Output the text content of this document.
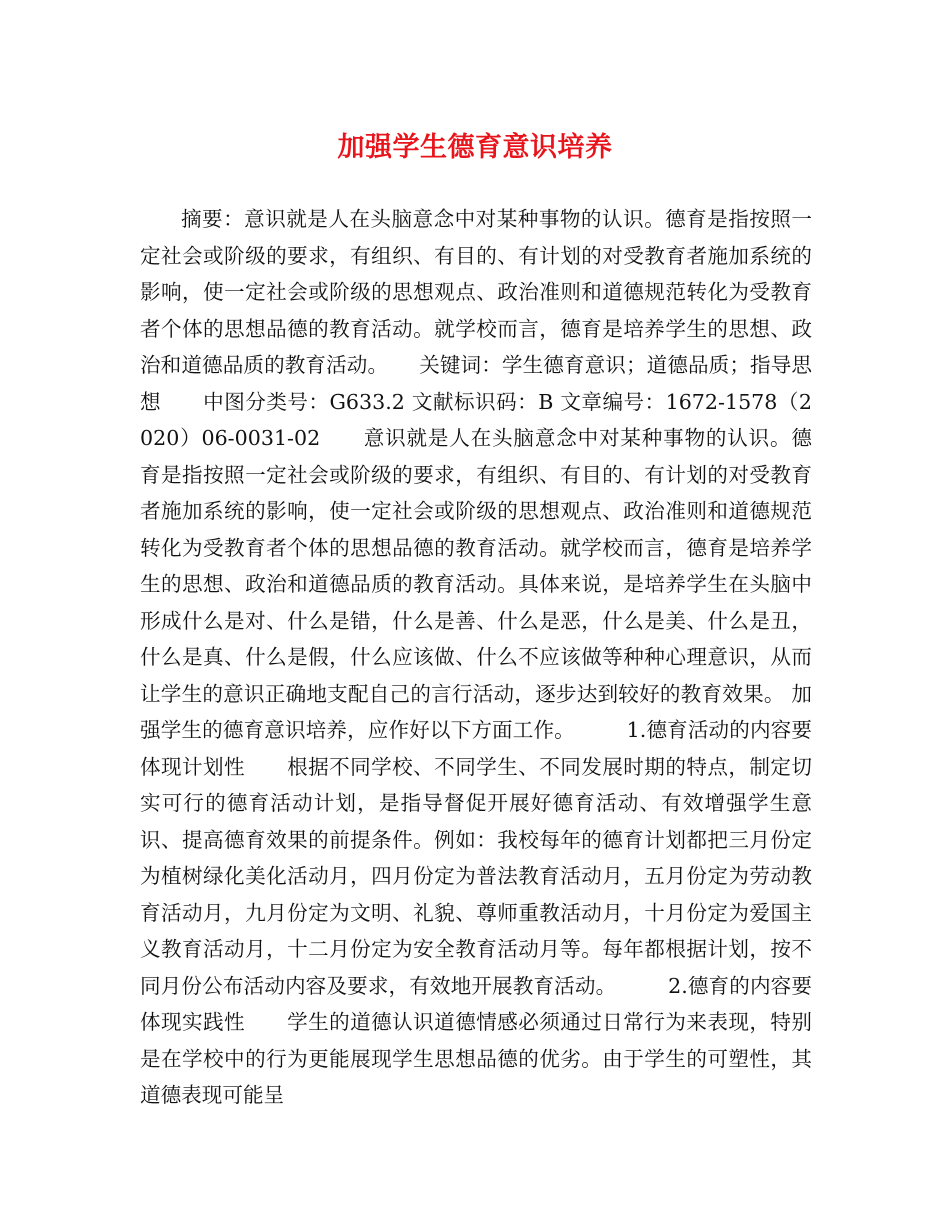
加强学生德育意识培养

摘要：意识就是人在头脑意念中对某种事物的认识。德育是指按照一定社会或阶级的要求，有组织、有目的、有计划的对受教育者施加系统的影响，使一定社会或阶级的思想观点、政治准则和道德规范转化为受教育者个体的思想品德的教育活动。就学校而言，德育是培养学生的思想、政治和道德品质的教育活动。　　关键词：学生德育意识；道德品质；指导思想　　中图分类号：G633.2 文献标识码：B 文章编号：1672-1578（2020）06-0031-02　　意识就是人在头脑意念中对某种事物的认识。德育是指按照一定社会或阶级的要求，有组织、有目的、有计划的对受教育者施加系统的影响，使一定社会或阶级的思想观点、政治准则和道德规范转化为受教育者个体的思想品德的教育活动。就学校而言，德育是培养学生的思想、政治和道德品质的教育活动。具体来说，是培养学生在头脑中形成什么是对、什么是错，什么是善、什么是恶，什么是美、什么是丑，什么是真、什么是假，什么应该做、什么不应该做等种种心理意识，从而让学生的意识正确地支配自己的言行活动，逐步达到较好的教育效果。 加强学生的德育意识培养，应作好以下方面工作。　　　1.德育活动的内容要体现计划性　　根据不同学校、不同学生、不同发展时期的特点，制定切实可行的德育活动计划，是指导督促开展好德育活动、有效增强学生意识、提高德育效果的前提条件。例如：我校每年的德育计划都把三月份定为植树绿化美化活动月，四月份定为普法教育活动月，五月份定为劳动教育活动月，九月份定为文明、礼貌、尊师重教活动月，十月份定为爱国主义教育活动月，十二月份定为安全教育活动月等。每年都根据计划，按不同月份公布活动内容及要求，有效地开展教育活动。　　　2.德育的内容要体现实践性　　学生的道德认识道德情感必须通过日常行为来表现，特别是在学校中的行为更能展现学生思想品德的优劣。由于学生的可塑性，其道德表现可能呈
